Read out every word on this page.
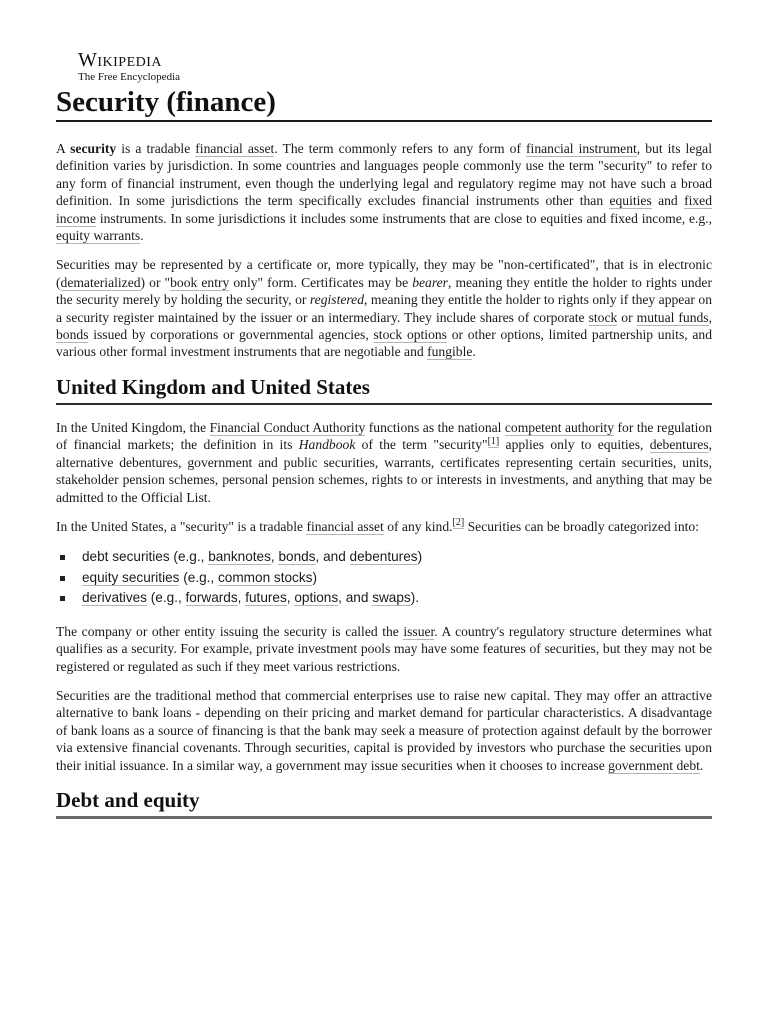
Wikipedia
The Free Encyclopedia
Security (finance)

A security is a tradable financial asset. The term commonly refers to any form of financial instrument, but its legal definition varies by jurisdiction. In some countries and languages people commonly use the term "security" to refer to any form of financial instrument, even though the underlying legal and regulatory regime may not have such a broad definition. In some jurisdictions the term specifically excludes financial instruments other than equities and fixed income instruments. In some jurisdictions it includes some instruments that are close to equities and fixed income, e.g., equity warrants.

Securities may be represented by a certificate or, more typically, they may be "non-certificated", that is in electronic (dematerialized) or "book entry only" form. Certificates may be bearer, meaning they entitle the holder to rights under the security merely by holding the security, or registered, meaning they entitle the holder to rights only if they appear on a security register maintained by the issuer or an intermediary. They include shares of corporate stock or mutual funds, bonds issued by corporations or governmental agencies, stock options or other options, limited partnership units, and various other formal investment instruments that are negotiable and fungible.

United Kingdom and United States

In the United Kingdom, the Financial Conduct Authority functions as the national competent authority for the regulation of financial markets; the definition in its Handbook of the term "security"[1] applies only to equities, debentures, alternative debentures, government and public securities, warrants, certificates representing certain securities, units, stakeholder pension schemes, personal pension schemes, rights to or interests in investments, and anything that may be admitted to the Official List.

In the United States, a "security" is a tradable financial asset of any kind.[2] Securities can be broadly categorized into:

debt securities (e.g., banknotes, bonds, and debentures)
equity securities (e.g., common stocks)
derivatives (e.g., forwards, futures, options, and swaps).

The company or other entity issuing the security is called the issuer. A country's regulatory structure determines what qualifies as a security. For example, private investment pools may have some features of securities, but they may not be registered or regulated as such if they meet various restrictions.

Securities are the traditional method that commercial enterprises use to raise new capital. They may offer an attractive alternative to bank loans - depending on their pricing and market demand for particular characteristics. A disadvantage of bank loans as a source of financing is that the bank may seek a measure of protection against default by the borrower via extensive financial covenants. Through securities, capital is provided by investors who purchase the securities upon their initial issuance. In a similar way, a government may issue securities when it chooses to increase government debt.

Debt and equity
